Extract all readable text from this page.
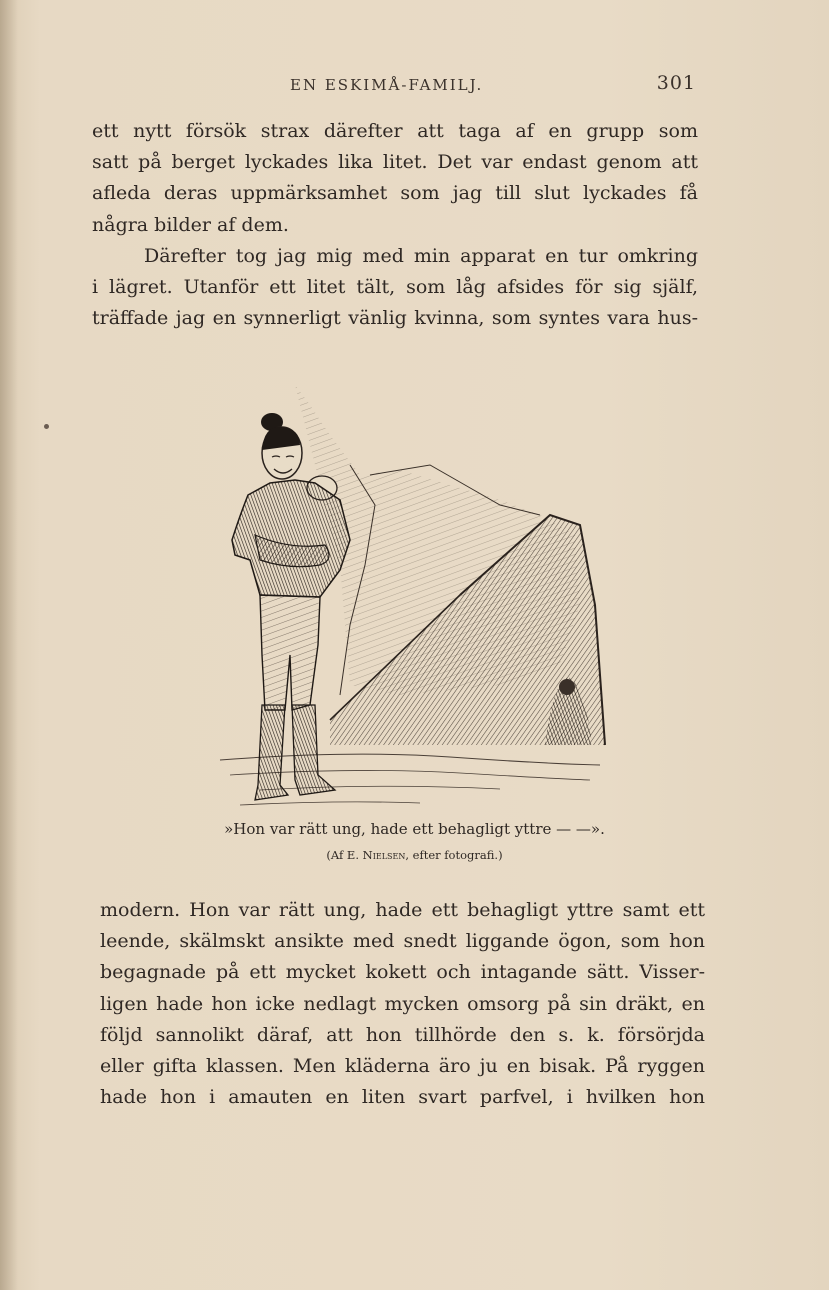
EN ESKIMÅ-FAMILJ.	301
ett nytt försök strax därefter att taga af en grupp som
satt på berget lyckades lika litet. Det var endast genom att
afleda deras uppmärksamhet som jag till slut lyckades få
några bilder af dem.
Därefter tog jag mig med min apparat en tur omkring
i lägret. Utanför ett litet tält, som låg afsides för sig själf,
träffade jag en synnerligt vänlig kvinna, som syntes vara hus-
»Hon var rätt ung, hade ett behagligt yttre — —».
(Af E. Nielsen, efter fotografi.)
modern. Hon var rätt ung, hade ett behagligt yttre samt ett
leende, skälmskt ansikte med snedt liggande ögon, som hon
begagnade på ett mycket kokett och intagande sätt. Visser-
ligen hade hon icke nedlagt mycken omsorg på sin dräkt, en
följd sannolikt däraf, att hon tillhörde den s. k. försörjda
eller gifta klassen. Men kläderna äro ju en bisak. På ryggen
hade hon i amauten en liten svart parfvel, i hvilken hon
